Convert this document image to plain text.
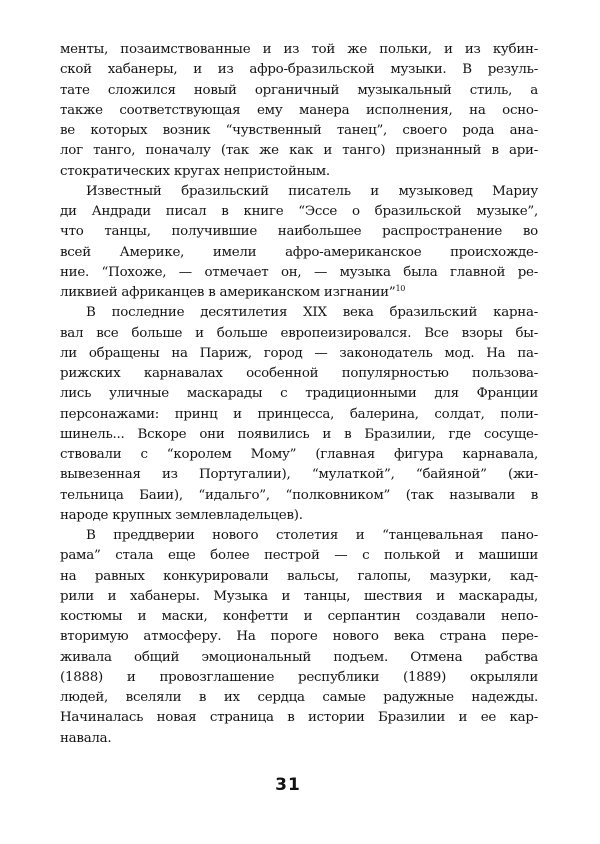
менты, позаимствованные и из той же польки, и из кубин-
ской хабанеры, и из афро-бразильской музыки. В резуль-
тате сложился новый органичный музыкальный стиль, а
также соответствующая ему манера исполнения, на осно-
ве которых возник “чувственный танец”, своего рода ана-
лог танго, поначалу (так же как и танго) признанный в ари-
стократических кругах непристойным.
Известный бразильский писатель и музыковед Мариу
ди Андради писал в книге “Эссе о бразильской музыке”,
что танцы, получившие наибольшее распространение во
всей Америке, имели афро-американское происхожде-
ние. “Похоже, — отмечает он, — музыка была главной ре-
ликвией африканцев в американском изгнании”$^{10}$
В последние десятилетия XIX века бразильский карна-
вал все больше и больше европеизировался. Все взоры бы-
ли обращены на Париж, город — законодатель мод. На па-
рижских карнавалах особенной популярностью пользова-
лись уличные маскарады с традиционными для Франции
персонажами: принц и принцесса, балерина, солдат, поли-
шинель... Вскоре они появились и в Бразилии, где сосуще-
ствовали с “королем Мому” (главная фигура карнавала,
вывезенная из Португалии), “мулаткой”, “байяной” (жи-
тельница Баии), “идальго”, “полковником” (так называли в
народе крупных землевладельцев).
В преддверии нового столетия и “танцевальная пано-
рама” стала еще более пестрой — с полькой и машиши
на равных конкурировали вальсы, галопы, мазурки, кад-
рили и хабанеры. Музыка и танцы, шествия и маскарады,
костюмы и маски, конфетти и серпантин создавали непо-
вторимую атмосферу. На пороге нового века страна пере-
живала общий эмоциональный подъем. Отмена рабства
(1888) и провозглашение республики (1889) окрыляли
людей, вселяли в их сердца самые радужные надежды.
Начиналась новая страница в истории Бразилии и ее кар-
навала.
31
